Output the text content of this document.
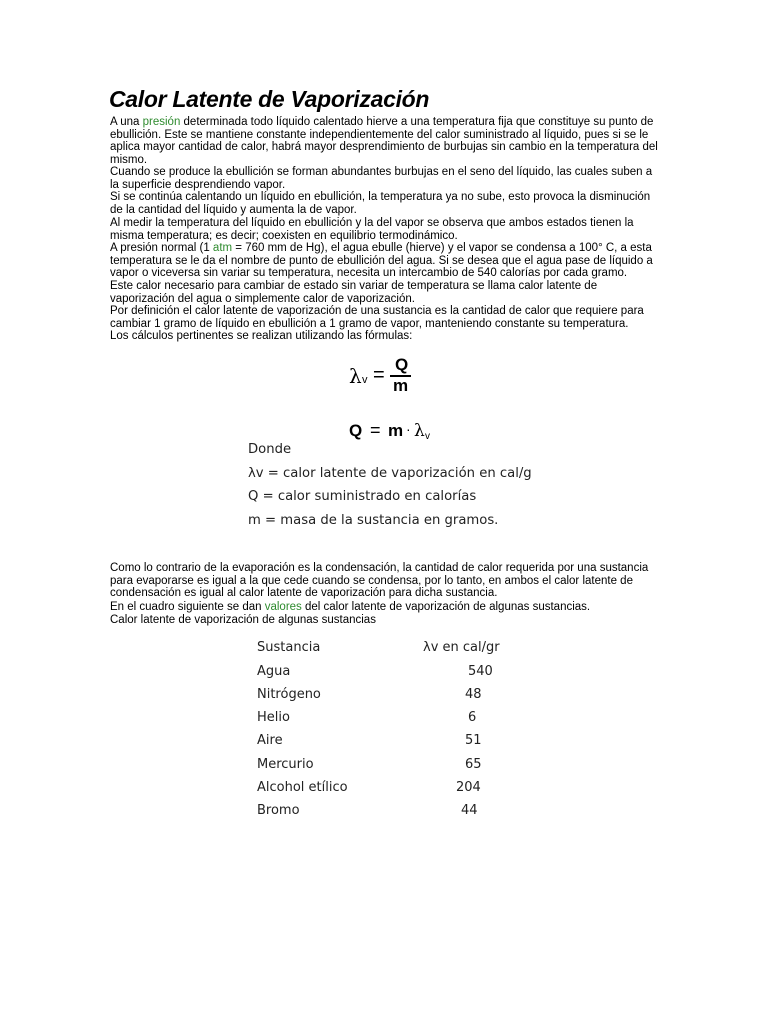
Calor Latente de Vaporización

A una presión determinada todo líquido calentado hierve a una temperatura fija que constituye su punto de ebullición. Este se mantiene constante independientemente del calor suministrado al líquido, pues si se le aplica mayor cantidad de calor, habrá mayor desprendimiento de burbujas sin cambio en la temperatura del mismo.

Cuando se produce la ebullición se forman abundantes burbujas en el seno del líquido, las cuales suben a la superficie desprendiendo vapor.

Si se continúa calentando un líquido en ebullición, la temperatura ya no sube, esto provoca la disminución de la cantidad del líquido y aumenta la de vapor.

Al medir la temperatura del líquido en ebullición y la del vapor se observa que ambos estados tienen la misma temperatura; es decir; coexisten en equilibrio termodinámico.

A presión normal (1 atm = 760 mm de Hg), el agua ebulle (hierve) y el vapor se condensa a 100° C, a esta temperatura se le da el nombre de punto de ebullición del agua. Si se desea que el agua pase de líquido a vapor o viceversa sin variar su temperatura, necesita un intercambio de 540 calorías por cada gramo.

Este calor necesario para cambiar de estado sin variar de temperatura se llama calor latente de vaporización del agua o simplemente calor de vaporización.

Por definición el calor latente de vaporización de una sustancia es la cantidad de calor que requiere para cambiar 1 gramo de líquido en ebullición a 1 gramo de vapor, manteniendo constante su temperatura.

Los cálculos pertinentes se realizan utilizando las fórmulas:

λ v = Q
m
Q = m · λ v
Donde
λv = calor latente de vaporización en cal/g
Q = calor suministrado en calorías
m = masa de la sustancia en gramos.

Como lo contrario de la evaporación es la condensación, la cantidad de calor requerida por una sustancia para evaporarse es igual a la que cede cuando se condensa, por lo tanto, en ambos el calor latente de condensación es igual al calor latente de vaporización para dicha sustancia.

En el cuadro siguiente se dan valores del calor latente de vaporización de algunas sustancias.

Calor latente de vaporización de algunas sustancias

Sustancia	λv en cal/gr
Agua	540
Nitrógeno	48
Helio	6
Aire	51
Mercurio	65
Alcohol etílico	204
Bromo	44
